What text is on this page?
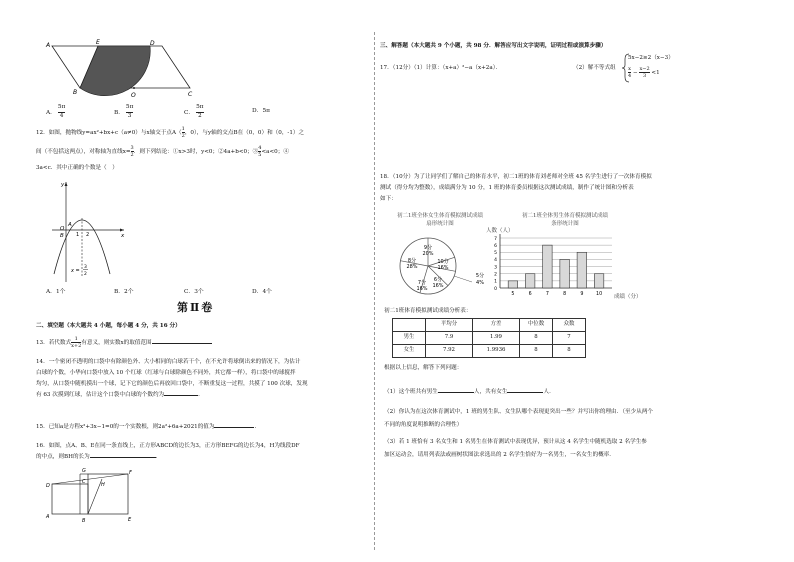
A	E	D
B	O	C
A． $\frac{5\pi}{4}$	B． $\frac{5\pi}{3}$	C． $\frac{5\pi}{2}$	D．5π
12．如图，抛物线y=ax²+bx+c（a≠0）与x轴交于点$A( \frac{1}{2}$ ，0），与y轴的交点B在（0，0）和（0，-1）之
间（不包括这两点），对称轴为直线$x= \frac{3}{2}$ ．则下列结论：①x>3时，y<0；②4a+b<0；③ $\frac{4}{5} <a<0$；④
3a<c．其中正确的个数是（　）
y
A
B
O
1 2	x
x =
3
2
A．1个	B．2个	C．3个	D．4个
第Ⅱ卷
二、填空题（本大题共 4 小题，每小题 4 分，共 16 分）
13．若代数式 $\frac{1}{x+2}$ 有意义，则实数x的取值范围
14．一个密闭不透明的口袋中有除颜色外、大小相同的白球若干个，在不允许将球倒出来的情况下，为估计
白球的个数，小华向口袋中放入 10 个红球（红球与白球除颜色不同外，其它都一样），将口袋中的球搅拌
均匀，从口袋中随机摸出一个球，记下它的颜色后再放回口袋中，不断重复这一过程，共摸了 100 次球，发现
有 63 次摸到红球，估计这个口袋中白球的个数约为	.
15．已知a是方程x²+3x−1=0的一个实数根，则2a²+6a+2021的值为	.
16．如图，点A、B、E在同一条直线上，正方形ABCD的边长为3，正方形BEFG的边长为4，H为线段DF
的中点，则BH的长为	.
D
G
C
F
H
A
B	E
三、解答题（本大题共 9 个小题，共 98 分．解答应写出文字说明，证明过程或演算步骤）
17．（12分）（1）计算：（x+a）²−a（x+2a）．	（2）解不等式组
5x−2≥2（x−3）
$\frac{x}{4} - \frac{x-2}{3} <1$
18．（10分）为了让同学们了解自己的体育水平，初二1班的体育刘老师对全班 45 名学生进行了一次体育模拟
测试（得分均为整数），成绩满分为 10 分，1 班的体育委员根据这次测试成绩，制作了统计图和分析表
如下：
初二1班全体女生体育模拟测试成绩
扇形统计图
9分
20%
10分
16%
5分
4%
6分
16%
7分
16%
8分
28%
初二1班全体男生体育模拟测试成绩
条形统计图
人数（人）
成绩（分）
0
1
2
3
4
5
6
7
5	6	7	8	9	10
初二1班体育模拟测试成绩分析表：
	平均分	方差	中位数	众数
男生	7.9	1.99	8	7
女生	7.92	1.9936	8	8
根据以上信息，解答下列问题：
（1）这个班共有男生	人，共有女生	人．
（2）你认为在这次体育测试中，1 班的男生队、女生队哪个表现更突出一些？并写出你的理由．（至少从两个
不同的角度说明推断的合理性）
（3）若 1 班恰有 3 名女生和 1 名男生在体育测试中表现优异，预计从这 4 名学生中随机选取 2 名学生参
加区运动会，请用列表法或画树状图法求选出的 2 名学生恰好为一名男生，一名女生的概率．
